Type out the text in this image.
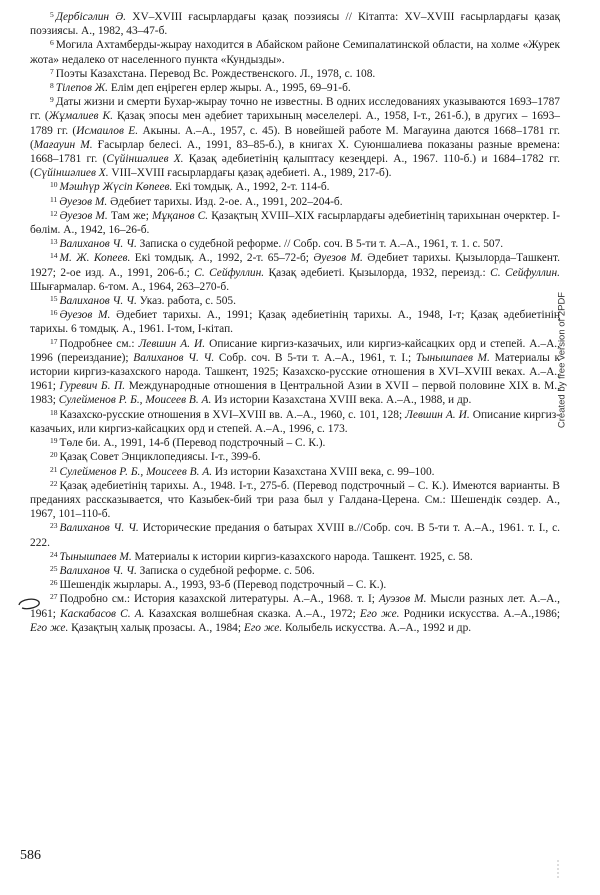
$^5$ Дербісәлин Ә. XV–XVIII ғасырлардағы қазақ поэзиясы // Кітапта: XV–XVIII ғасырлардағы қазақ поэзиясы. А., 1982, 43–47-б.

$^6$ Могила Ахтамберды-жырау находится в Абайском районе Семипалатинской области, на холме «Журек жота» недалеко от населенного пункта «Кундызды».

$^7$ Поэты Казахстана. Перевод Вс. Рождественского. Л., 1978, с. 108.

$^8$ Тілепов Ж. Елім деп еңіреген ерлер жыры. А., 1995, 69–91-б.

$^9$ Даты жизни и смерти Бухар-жырау точно не известны. В одних исследованиях указываются 1693–1787 гг. (Жұмалиев К. Қазақ эпосы мен әдебиет тарихының мәселелері. А., 1958, І-т., 261-б.), в других – 1693–1789 гг. (Исмаилов Е. Акыны. А.–А., 1957, с. 45). В новейшей работе М. Магауина даются 1668–1781 гг. (Мағауин М. Ғасырлар белесі. А., 1991, 83–85-б.), в книгах Х. Суюншалиева показаны разные времена: 1668–1781 гг. (Сүйіншәлиев Х. Қазақ әдебиетінің қалыптасу кезеңдері. А., 1967. 110-б.) и 1684–1782 гг. (Сүйіншәлиев Х. VIII–XVIII ғасырлардағы қазақ әдебиеті. А., 1989, 217-б).

$^{10}$ Мәшһүр Жүсіп Көпеев. Екі томдық. А., 1992, 2-т. 114-б.

$^{11}$ Әуезов М. Әдебиет тарихы. Изд. 2-ое. А., 1991, 202–204-б.

$^{12}$ Әуезов М. Там же; Мұқанов С. Қазақтың XVIII–XIX ғасырлардағы әдебиетінің тарихынан очерктер. І-бөлім. А., 1942, 16–26-б.

$^{13}$ Валиханов Ч. Ч. Записка о судебной реформе. // Собр. соч. В 5-ти т. А.–А., 1961, т. 1. с. 507.

$^{14}$ М. Ж. Копеев. Екі томдық. А., 1992, 2-т. 65–72-б; Әуезов М. Әдебиет тарихы. Қызылорда–Ташкент. 1927; 2-ое изд. А., 1991, 206-б.; С. Сейфуллин. Қазақ әдебиеті. Қызылорда, 1932, переизд.: С. Сейфуллин. Шығармалар. 6-том. А., 1964, 263–270-б.

$^{15}$ Валиханов Ч. Ч. Указ. работа, с. 505.

$^{16}$ Әуезов М. Әдебиет тарихы. А., 1991; Қазақ әдебиетінің тарихы. А., 1948, І-т; Қазақ әдебиетінің тарихы. 6 томдық. А., 1961. І-том, І-кітап.

$^{17}$ Подробнее см.: Левшин А. И. Описание киргиз-казачьих, или киргиз-кайсацких орд и степей. А.–А., 1996 (переиздание); Валиханов Ч. Ч. Собр. соч. В 5-ти т. А.–А., 1961, т. І.; Тынышпаев М. Материалы к истории киргиз-казахского народа. Ташкент, 1925; Казахско-русские отношения в XVI–XVIII веках. А.–А., 1961; Гуревич Б. П. Международные отношения в Центральной Азии в XVII – первой половине XIX в. М., 1983; Сулейменов Р. Б., Моисеев В. А. Из истории Казахстана XVIII века. А.–А., 1988, и др.

$^{18}$ Казахско-русские отношения в XVI–XVIII вв. А.–А., 1960, с. 101, 128; Левшин А. И. Описание киргиз-казачьих, или киргиз-кайсацких орд и степей. А.–А., 1996, с. 173.

$^{19}$ Төле би. А., 1991, 14-б (Перевод подстрочный – С. К.).

$^{20}$ Қазақ Совет Энциклопедиясы. І-т., 399-б.

$^{21}$ Сулейменов Р. Б., Моисеев В. А. Из истории Казахстана XVIII века, с. 99–100.

$^{22}$ Қазақ әдебиетінің тарихы. А., 1948. І-т., 275-б. (Перевод подстрочный – С. К.). Имеются варианты. В преданиях рассказывается, что Казыбек-бий три раза был у Галдана-Церена. См.: Шешендік сөздер. А., 1967, 101–110-б.

$^{23}$ Валиханов Ч. Ч. Исторические предания о батырах XVIII в.//Собр. соч. В 5-ти т. А.–А., 1961. т. І., с. 222.

$^{24}$ Тынышпаев М. Материалы к истории киргиз-казахского народа. Ташкент. 1925, с. 58.

$^{25}$ Валиханов Ч. Ч. Записка о судебной реформе. с. 506.

$^{26}$ Шешендік жырлары. А., 1993, 93-б (Перевод подстрочный – С. К.).

$^{27}$ Подробно см.: История казахской литературы. А.–А., 1968. т. І; Ауэзов М. Мысли разных лет. А.–А., 1961; Каскабасов С. А. Казахская волшебная сказка. А.–А., 1972; Его же. Родники искусства. А.–А.,1986; Его же. Қазақтың халық прозасы. А., 1984; Его же. Колыбель искусства. А.–А., 1992 и др.

586
Created by free version of 2PDF
